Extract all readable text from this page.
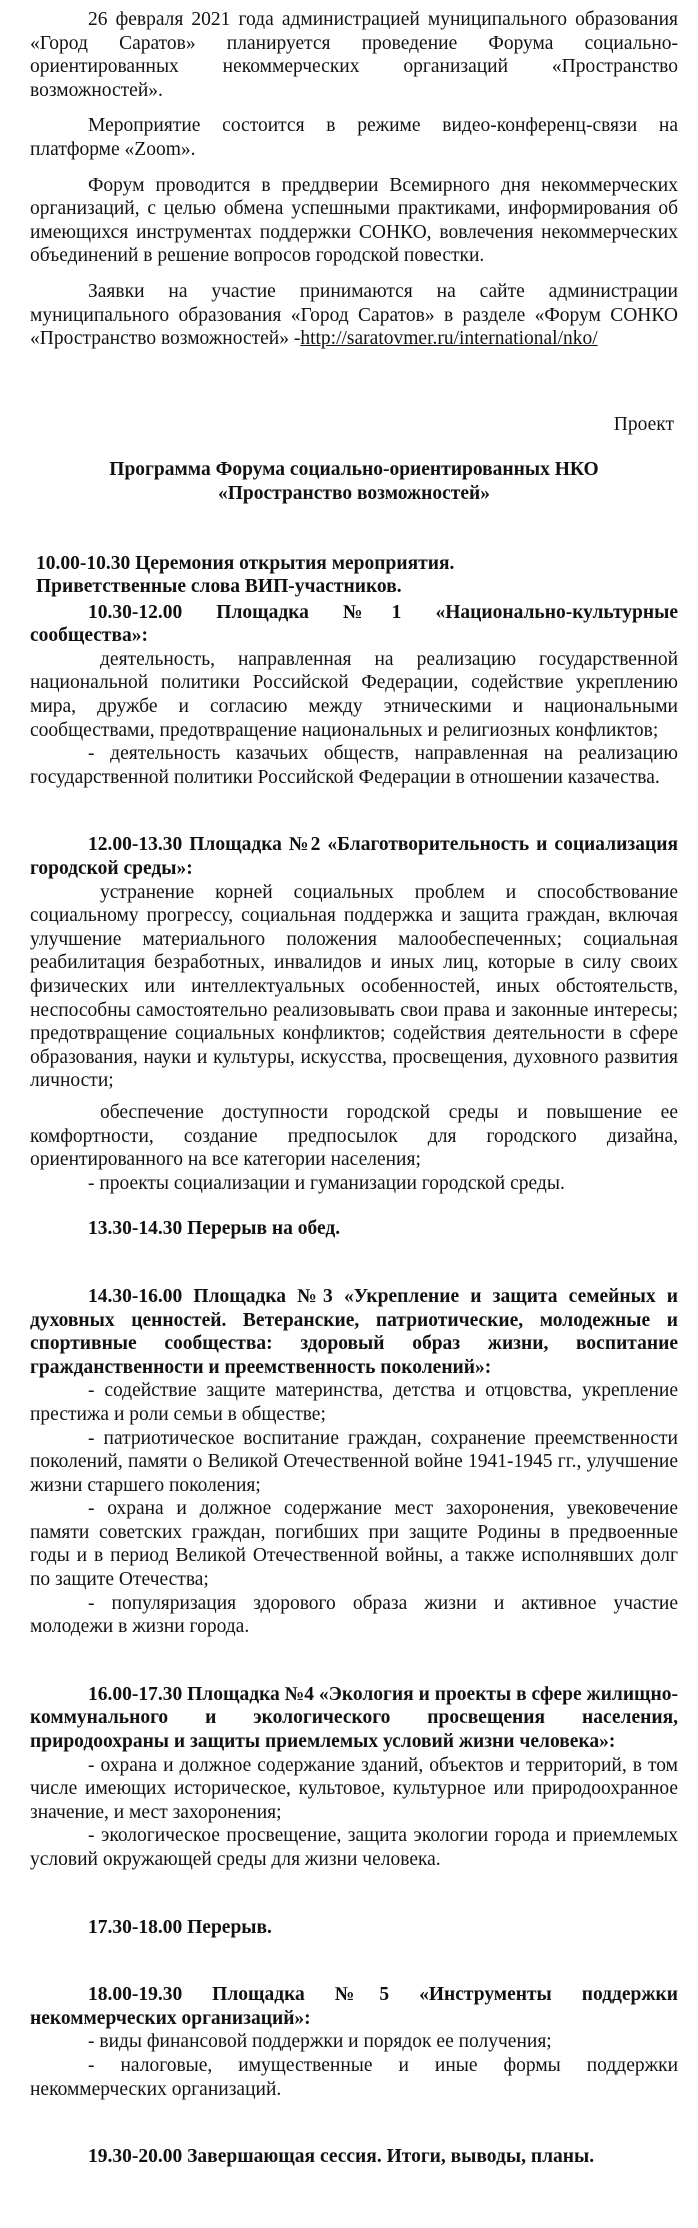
26 февраля 2021 года администрацией муниципального образования «Город Саратов» планируется проведение Форума социально-ориентированных некоммерческих организаций «Пространство возможностей».

Мероприятие состоится в режиме видео-конференц-связи на платформе «Zoom».

Форум проводится в преддверии Всемирного дня некоммерческих организаций, с целью обмена успешными практиками, информирования об имеющихся инструментах поддержки СОНКО, вовлечения некоммерческих объединений в решение вопросов городской повестки.

Заявки на участие принимаются на сайте администрации муниципального образования «Город Саратов» в разделе «Форум СОНКО «Пространство возможностей» -http://saratovmer.ru/international/nko/

Проект

Программа Форума социально-ориентированных НКО

«Пространство возможностей»

10.00-10.30 Церемония открытия мероприятия.

Приветственные слова ВИП-участников.

10.30-12.00 Площадка №1 «Национально-культурные сообщества»:

деятельность, направленная на реализацию государственной национальной политики Российской Федерации, содействие укреплению мира, дружбе и согласию между этническими и национальными сообществами, предотвращение национальных и религиозных конфликтов;

- деятельность казачьих обществ, направленная на реализацию государственной политики Российской Федерации в отношении казачества.

12.00-13.30 Площадка №2 «Благотворительность и социализация городской среды»:

устранение корней социальных проблем и способствование социальному прогрессу, социальная поддержка и защита граждан, включая улучшение материального положения малообеспеченных; социальная реабилитация безработных, инвалидов и иных лиц, которые в силу своих физических или интеллектуальных особенностей, иных обстоятельств, неспособны самостоятельно реализовывать свои права и законные интересы; предотвращение социальных конфликтов; содействия деятельности в сфере образования, науки и культуры, искусства, просвещения, духовного развития личности;

обеспечение доступности городской среды и повышение ее комфортности, создание предпосылок для городского дизайна, ориентированного на все категории населения;

- проекты социализации и гуманизации городской среды.

13.30-14.30 Перерыв на обед.

14.30-16.00 Площадка №3 «Укрепление и защита семейных и духовных ценностей. Ветеранские, патриотические, молодежные и спортивные сообщества: здоровый образ жизни, воспитание гражданственности и преемственность поколений»:

- содействие защите материнства, детства и отцовства, укрепление престижа и роли семьи в обществе;

- патриотическое воспитание граждан, сохранение преемственности поколений, памяти о Великой Отечественной войне 1941-1945 гг., улучшение жизни старшего поколения;

- охрана и должное содержание мест захоронения, увековечение памяти советских граждан, погибших при защите Родины в предвоенные годы и в период Великой Отечественной войны, а также исполнявших долг по защите Отечества;

- популяризация здорового образа жизни и активное участие молодежи в жизни города.

16.00-17.30 Площадка №4 «Экология и проекты в сфере жилищно-коммунального и экологического просвещения населения, природоохраны и защиты приемлемых условий жизни человека»:

- охрана и должное содержание зданий, объектов и территорий, в том числе имеющих историческое, культовое, культурное или природоохранное значение, и мест захоронения;

- экологическое просвещение, защита экологии города и приемлемых условий окружающей среды для жизни человека.

17.30-18.00 Перерыв.

18.00-19.30 Площадка №5 «Инструменты поддержки некоммерческих организаций»:

- виды финансовой поддержки и порядок ее получения;

- налоговые, имущественные и иные формы поддержки некоммерческих организаций.

19.30-20.00 Завершающая сессия. Итоги, выводы, планы.
